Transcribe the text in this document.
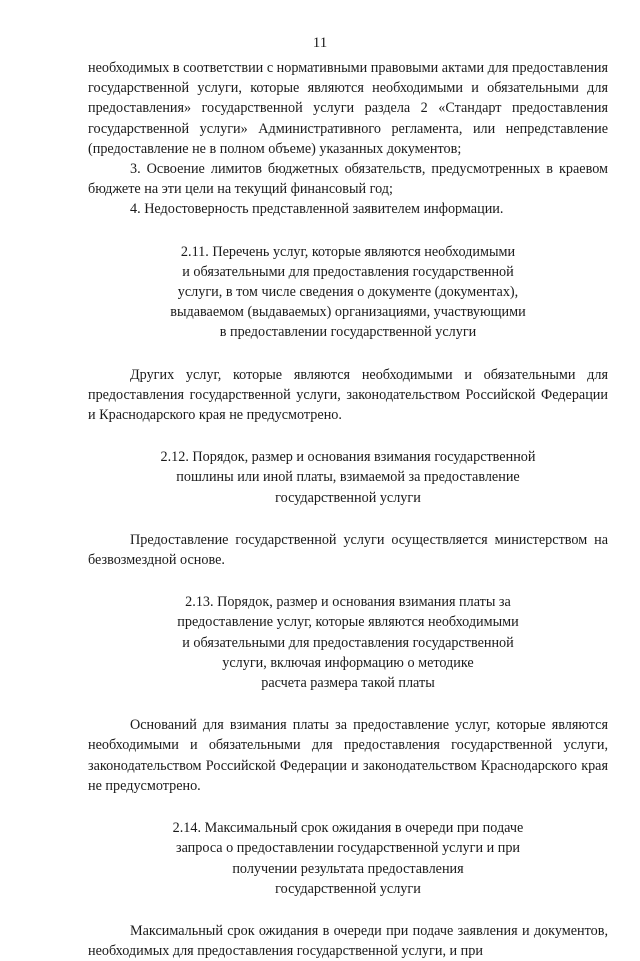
11

необходимых в соответствии с нормативными правовыми актами для предоставления государственной услуги, которые являются необходимыми и обязательными для предоставления» государственной услуги раздела 2 «Стандарт предоставления государственной услуги» Административного регламента, или непредставление (предоставление не в полном объеме) указанных документов;

3. Освоение лимитов бюджетных обязательств, предусмотренных в краевом бюджете на эти цели на текущий финансовый год;

4. Недостоверность представленной заявителем информации.

2.11. Перечень услуг, которые являются необходимыми
и обязательными для предоставления государственной
услуги, в том числе сведения о документе (документах),
выдаваемом (выдаваемых) организациями, участвующими
в предоставлении государственной услуги

Других услуг, которые являются необходимыми и обязательными для предоставления государственной услуги, законодательством Российской Федерации и Краснодарского края не предусмотрено.

2.12. Порядок, размер и основания взимания государственной
пошлины или иной платы, взимаемой за предоставление
государственной услуги

Предоставление государственной услуги осуществляется министерством на безвозмездной основе.

2.13. Порядок, размер и основания взимания платы за
предоставление услуг, которые являются необходимыми
и обязательными для предоставления государственной
услуги, включая информацию о методике
расчета размера такой платы

Оснований для взимания платы за предоставление услуг, которые являются необходимыми и обязательными для предоставления государственной услуги, законодательством Российской Федерации и законодательством Краснодарского края не предусмотрено.

2.14. Максимальный срок ожидания в очереди при подаче
запроса о предоставлении государственной услуги и при
получении результата предоставления
государственной услуги

Максимальный срок ожидания в очереди при подаче заявления и документов, необходимых для предоставления государственной услуги, и при
